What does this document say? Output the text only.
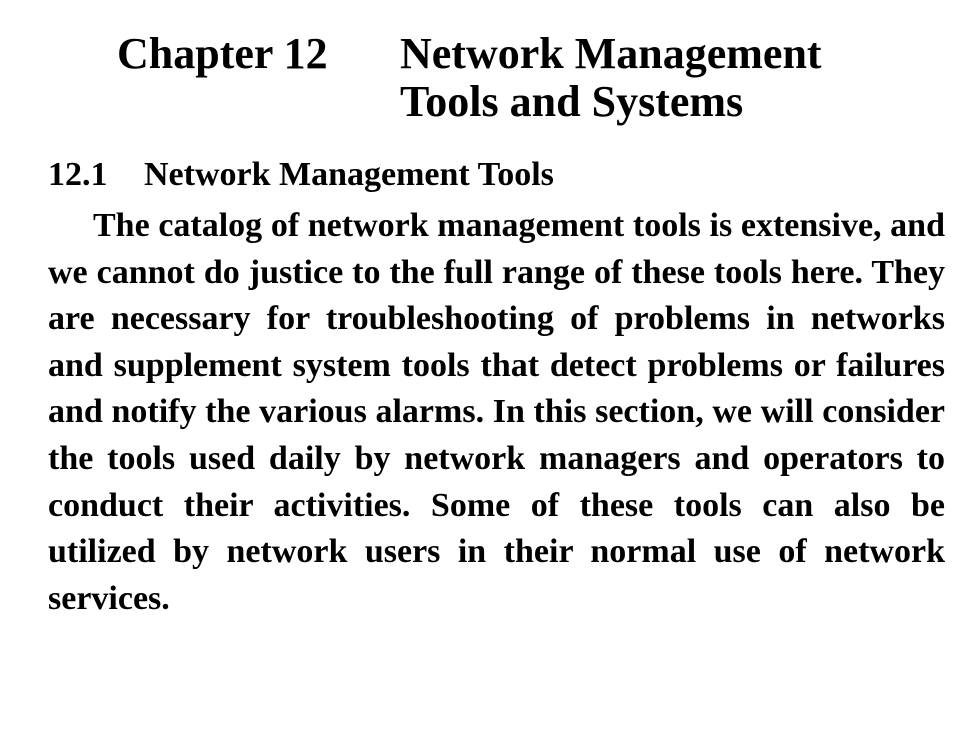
Chapter 12	Network Management
Tools and Systems
12.1 Network Management Tools

The catalog of network management tools is extensive, and we cannot do justice to the full range of these tools here. They are necessary for troubleshooting of problems in networks and supplement system tools that detect problems or failures and notify the various alarms. In this section, we will consider the tools used daily by network managers and operators to conduct their activities. Some of these tools can also be utilized by network users in their normal use of network services.
